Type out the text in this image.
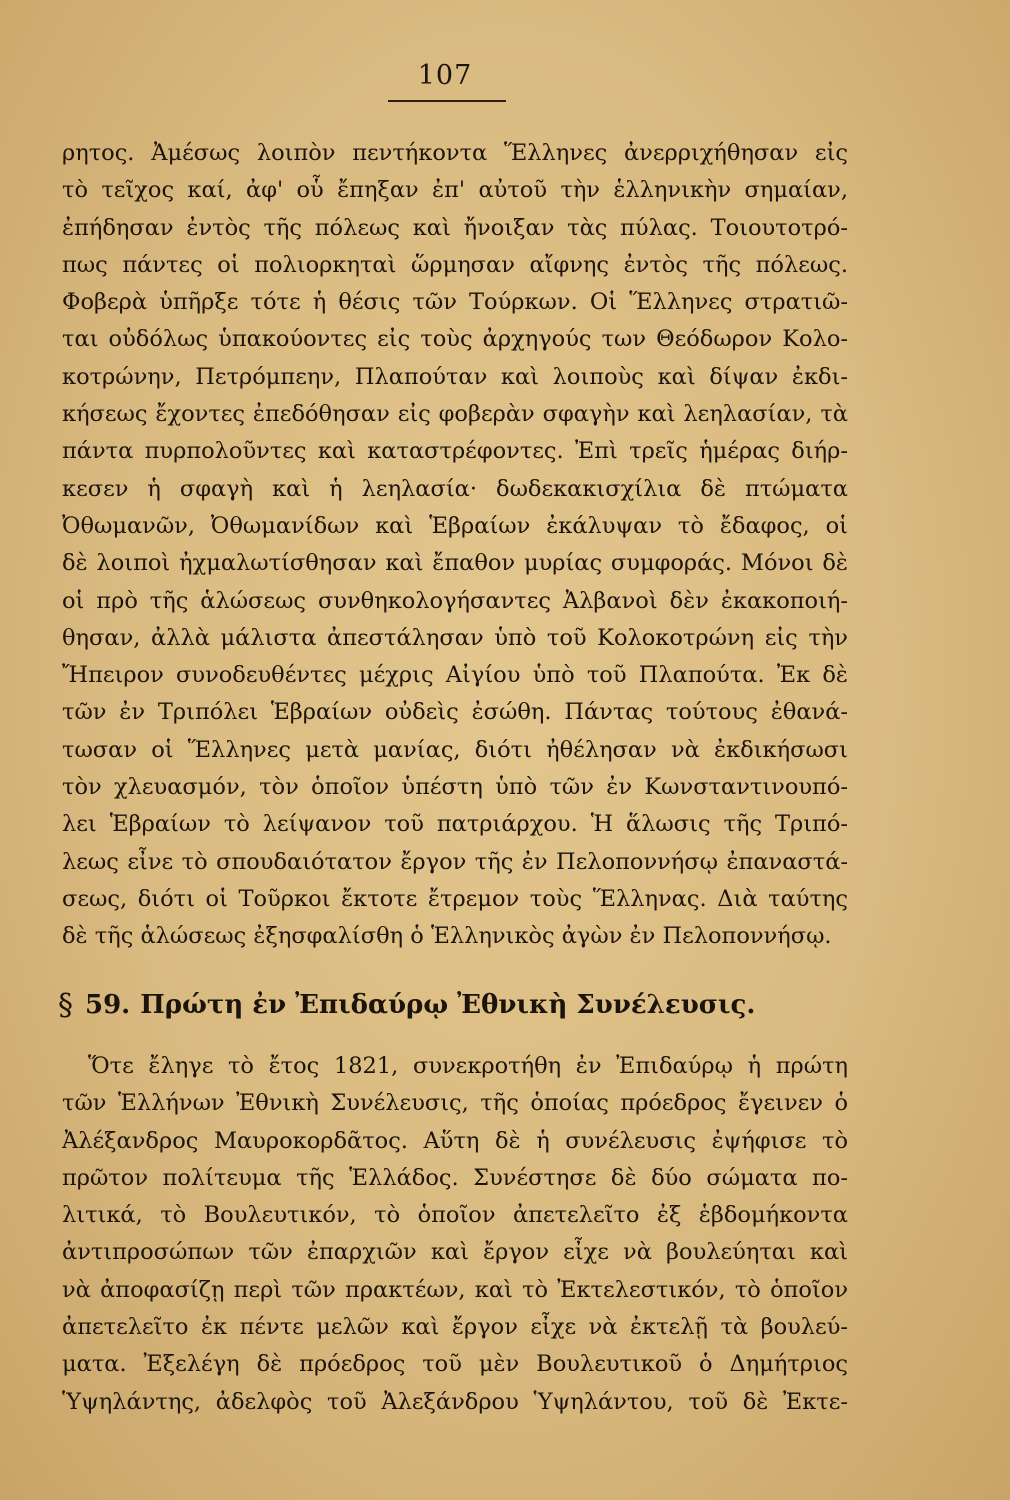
107
ρητος. Ἀμέσως λοιπὸν πεντήκοντα Ἕλληνες ἀνερριχήθησαν εἰς
τὸ τεῖχος καί, ἀφ' οὗ ἔπηξαν ἐπ' αὐτοῦ τὴν ἑλληνικὴν σημαίαν,
ἐπήδησαν ἐντὸς τῆς πόλεως καὶ ἤνοιξαν τὰς πύλας. Τοιουτοτρό-
πως πάντες οἱ πολιορκηταὶ ὥρμησαν αἴφνης ἐντὸς τῆς πόλεως.
Φοβερὰ ὑπῆρξε τότε ἡ θέσις τῶν Τούρκων. Οἱ Ἕλληνες στρατιῶ-
ται οὐδόλως ὑπακούοντες εἰς τοὺς ἀρχηγούς των Θεόδωρον Κολο-
κοτρώνην, Πετρόμπεην, Πλαπούταν καὶ λοιποὺς καὶ δίψαν ἐκδι-
κήσεως ἔχοντες ἐπεδόθησαν εἰς φοβερὰν σφαγὴν καὶ λεηλασίαν, τὰ
πάντα πυρπολοῦντες καὶ καταστρέφοντες. Ἐπὶ τρεῖς ἡμέρας διήρ-
κεσεν ἡ σφαγὴ καὶ ἡ λεηλασία· δωδεκακισχίλια δὲ πτώματα
Ὀθωμανῶν, Ὀθωμανίδων καὶ Ἑβραίων ἐκάλυψαν τὸ ἔδαφος, οἱ
δὲ λοιποὶ ἠχμαλωτίσθησαν καὶ ἔπαθον μυρίας συμφοράς. Μόνοι δὲ
οἱ πρὸ τῆς ἁλώσεως συνθηκολογήσαντες Ἀλβανοὶ δὲν ἐκακοποιή-
θησαν, ἀλλὰ μάλιστα ἀπεστάλησαν ὑπὸ τοῦ Κολοκοτρώνη εἰς τὴν
Ἤπειρον συνοδευθέντες μέχρις Αἰγίου ὑπὸ τοῦ Πλαπούτα. Ἐκ δὲ
τῶν ἐν Τριπόλει Ἑβραίων οὐδεὶς ἐσώθη. Πάντας τούτους ἐθανά-
τωσαν οἱ Ἕλληνες μετὰ μανίας, διότι ἠθέλησαν νὰ ἐκδικήσωσι
τὸν χλευασμόν, τὸν ὁποῖον ὑπέστη ὑπὸ τῶν ἐν Κωνσταντινουπό-
λει Ἑβραίων τὸ λείψανον τοῦ πατριάρχου. Ἡ ἅλωσις τῆς Τριπό-
λεως εἶνε τὸ σπουδαιότατον ἔργον τῆς ἐν Πελοποννήσῳ ἐπαναστά-
σεως, διότι οἱ Τοῦρκοι ἔκτοτε ἔτρεμον τοὺς Ἕλληνας. Διὰ ταύτης
δὲ τῆς ἁλώσεως ἐξησφαλίσθη ὁ Ἑλληνικὸς ἀγὼν ἐν Πελοποννήσῳ.
§ 59. Πρώτη ἐν Ἐπιδαύρῳ Ἐθνικὴ Συνέλευσις.
Ὅτε ἔληγε τὸ ἔτος 1821, συνεκροτήθη ἐν Ἐπιδαύρῳ ἡ πρώτη
τῶν Ἑλλήνων Ἐθνικὴ Συνέλευσις, τῆς ὁποίας πρόεδρος ἔγεινεν ὁ
Ἀλέξανδρος Μαυροκορδᾶτος. Αὕτη δὲ ἡ συνέλευσις ἐψήφισε τὸ
πρῶτον πολίτευμα τῆς Ἑλλάδος. Συνέστησε δὲ δύο σώματα πο-
λιτικά, τὸ Βουλευτικόν, τὸ ὁποῖον ἀπετελεῖτο ἐξ ἑβδομήκοντα
ἀντιπροσώπων τῶν ἐπαρχιῶν καὶ ἔργον εἶχε νὰ βουλεύηται καὶ
νὰ ἀποφασίζῃ περὶ τῶν πρακτέων, καὶ τὸ Ἐκτελεστικόν, τὸ ὁποῖον
ἀπετελεῖτο ἐκ πέντε μελῶν καὶ ἔργον εἶχε νὰ ἐκτελῇ τὰ βουλεύ-
ματα. Ἐξελέγη δὲ πρόεδρος τοῦ μὲν Βουλευτικοῦ ὁ Δημήτριος
Ὑψηλάντης, ἀδελφὸς τοῦ Ἀλεξάνδρου Ὑψηλάντου, τοῦ δὲ Ἐκτε-
